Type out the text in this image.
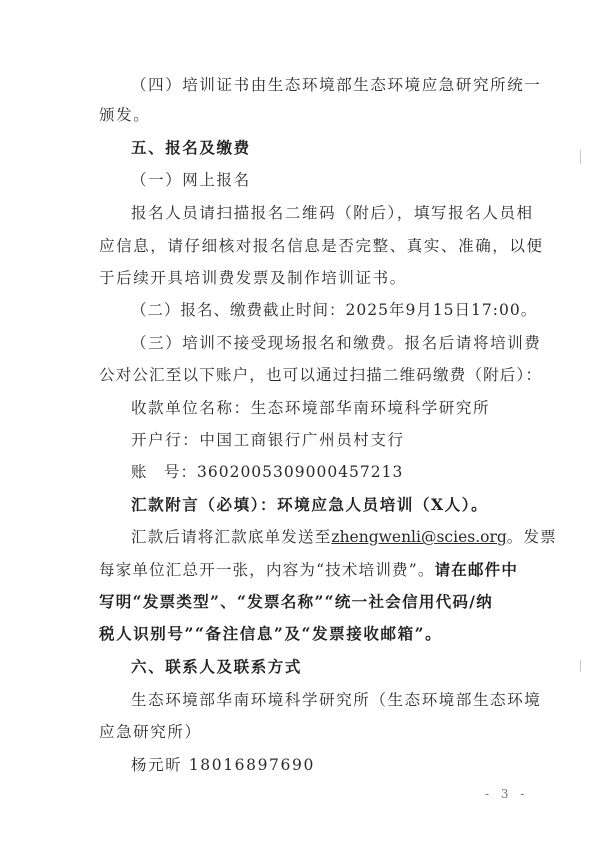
（四）培训证书由生态环境部生态环境应急研究所统一
颁发。
五、报名及缴费
（一）网上报名
报名人员请扫描报名二维码（附后），填写报名人员相
应信息，请仔细核对报名信息是否完整、真实、准确，以便
于后续开具培训费发票及制作培训证书。
（二）报名、缴费截止时间：2025年9月15日17:00。
（三）培训不接受现场报名和缴费。报名后请将培训费
公对公汇至以下账户，也可以通过扫描二维码缴费（附后）：
收款单位名称：生态环境部华南环境科学研究所
开户行：中国工商银行广州员村支行
账　号：3602005309000457213
汇款附言（必填）：环境应急人员培训（X人）。
汇款后请将汇款底单发送至zhengwenli@scies.org。发票
每家单位汇总开一张，内容为“技术培训费”。请在邮件中
写明“发票类型”、“发票名称”“统一社会信用代码/纳
税人识别号”“备注信息”及“发票接收邮箱”。
六、联系人及联系方式
生态环境部华南环境科学研究所（生态环境部生态环境
应急研究所）
杨元昕 18016897690
- 3 -
